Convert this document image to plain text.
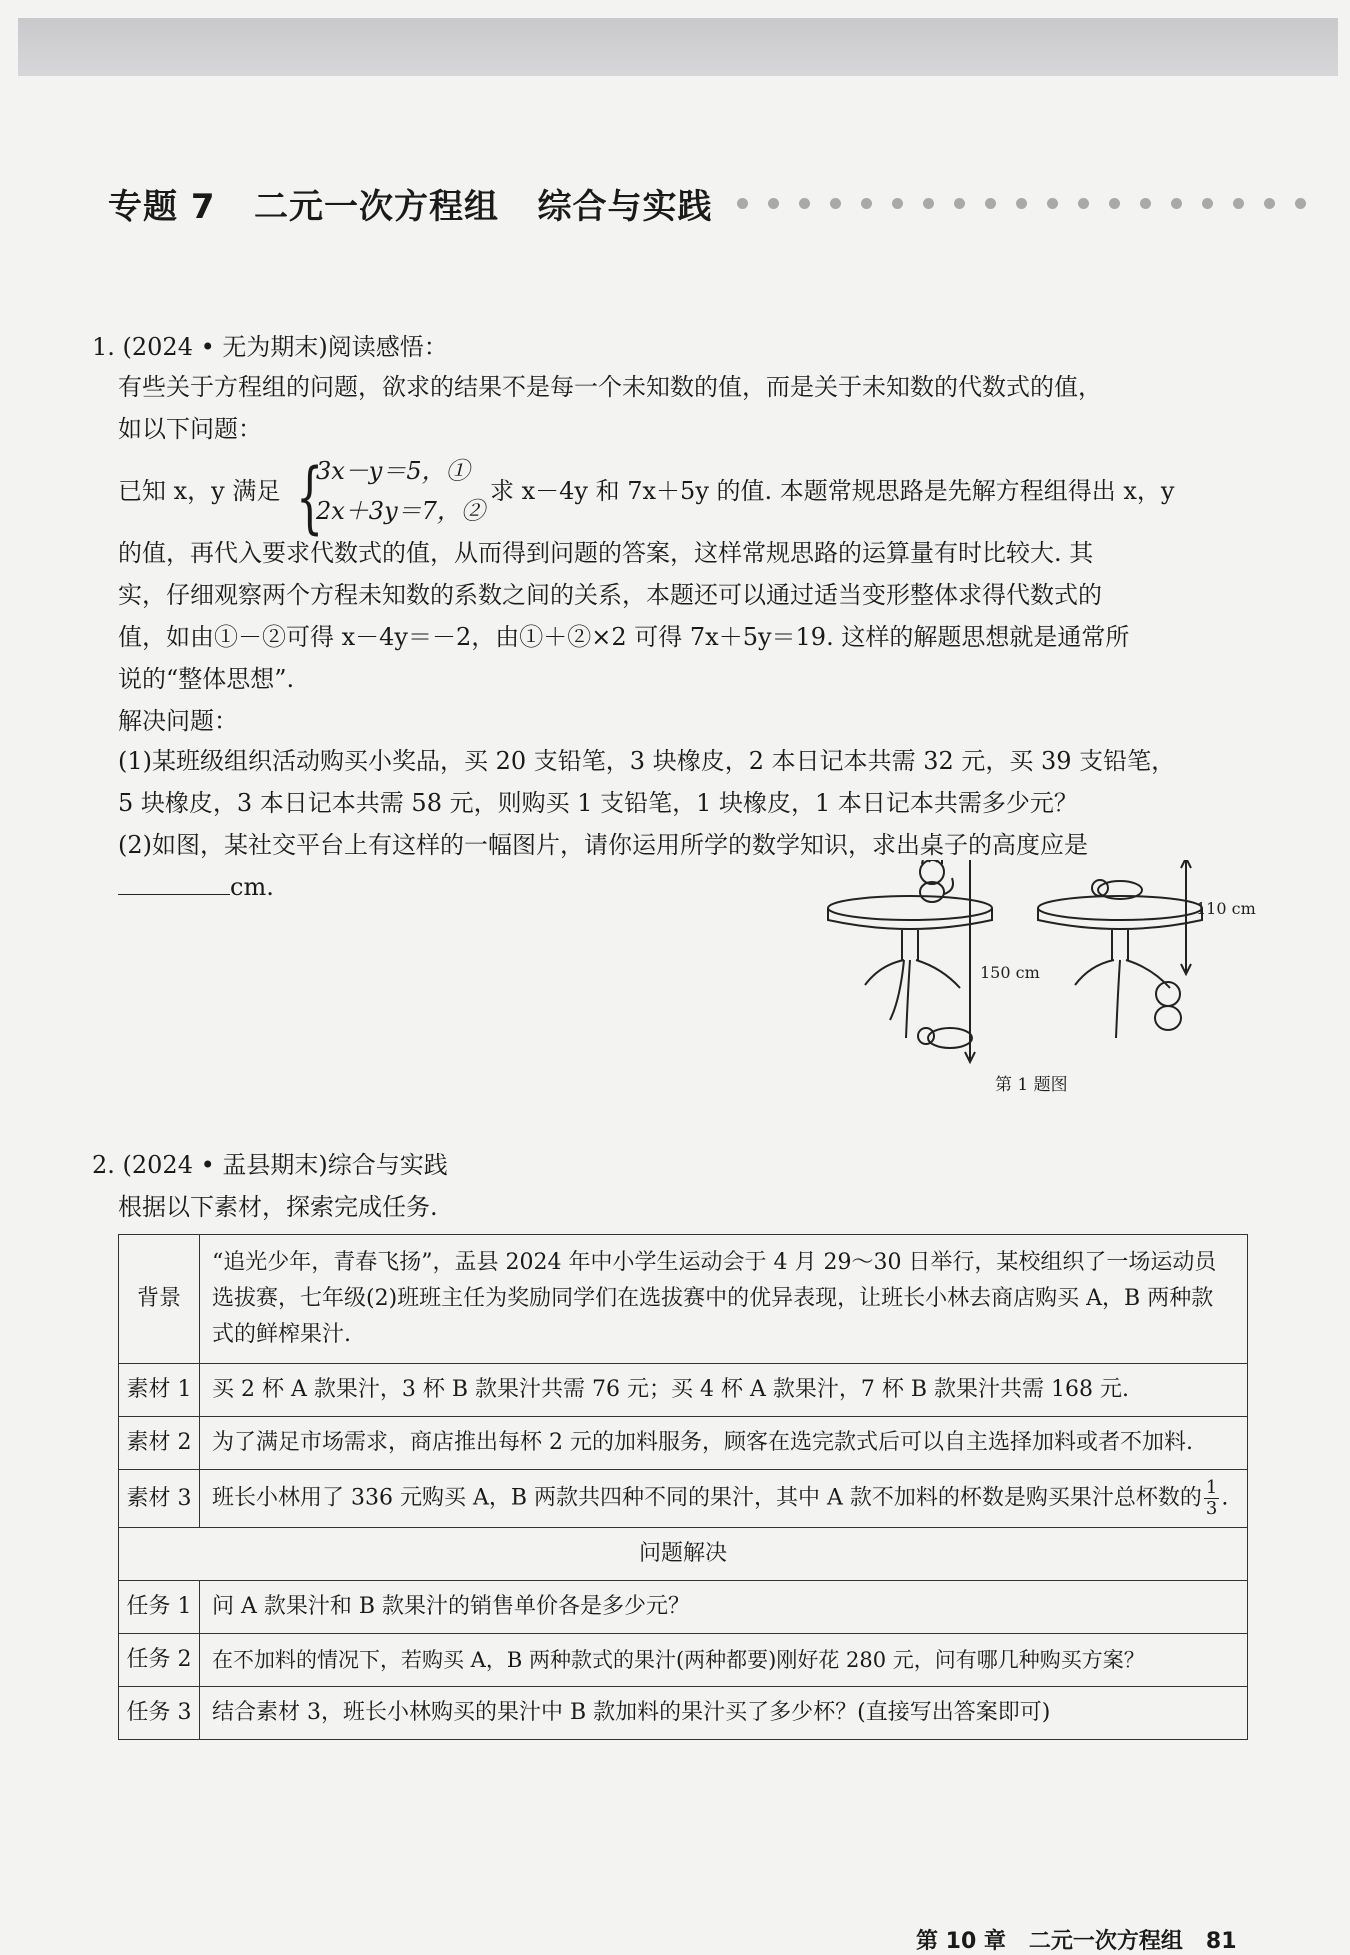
专题 7   二元一次方程组   综合与实践
1. (2024 • 无为期末)阅读感悟：
有些关于方程组的问题，欲求的结果不是每一个未知数的值，而是关于未知数的代数式的值，
如以下问题：
已知 x，y 满足 {
3x－y＝5，①
2x＋3y＝7，②
求 x－4y 和 7x＋5y 的值. 本题常规思路是先解方程组得出 x，y
的值，再代入要求代数式的值，从而得到问题的答案，这样常规思路的运算量有时比较大. 其
实，仔细观察两个方程未知数的系数之间的关系，本题还可以通过适当变形整体求得代数式的
值，如由①－②可得 x－4y＝－2，由①＋②×2 可得 7x＋5y＝19. 这样的解题思想就是通常所
说的“整体思想”.
解决问题：
(1)某班级组织活动购买小奖品，买 20 支铅笔，3 块橡皮，2 本日记本共需 32 元，买 39 支铅笔，
5 块橡皮，3 本日记本共需 58 元，则购买 1 支铅笔，1 块橡皮，1 本日记本共需多少元？
(2)如图，某社交平台上有这样的一幅图片，请你运用所学的数学知识，求出桌子的高度应是
cm.
150 cm
110 cm
第 1 题图
2. (2024 • 盂县期末)综合与实践
根据以下素材，探索完成任务.
背景	“追光少年，青春飞扬”，盂县 2024 年中小学生运动会于 4 月 29～30 日举行，某校组织了一场运动员选拔赛，七年级(2)班班主任为奖励同学们在选拔赛中的优异表现，让班长小林去商店购买 A，B 两种款式的鲜榨果汁.
素材 1	买 2 杯 A 款果汁，3 杯 B 款果汁共需 76 元；买 4 杯 A 款果汁，7 杯 B 款果汁共需 168 元.
素材 2	为了满足市场需求，商店推出每杯 2 元的加料服务，顾客在选完款式后可以自主选择加料或者不加料.
素材 3	班长小林用了 336 元购买 A，B 两款共四种不同的果汁，其中 A 款不加料的杯数是购买果汁总杯数的 $\frac{1}{3}$ .
问题解决	
任务 1	问 A 款果汁和 B 款果汁的销售单价各是多少元？
任务 2	在不加料的情况下，若购买 A，B 两种款式的果汁(两种都要)刚好花 280 元，问有哪几种购买方案？
任务 3	结合素材 3，班长小林购买的果汁中 B 款加料的果汁买了多少杯？(直接写出答案即可)
第 10 章   二元一次方程组   81
